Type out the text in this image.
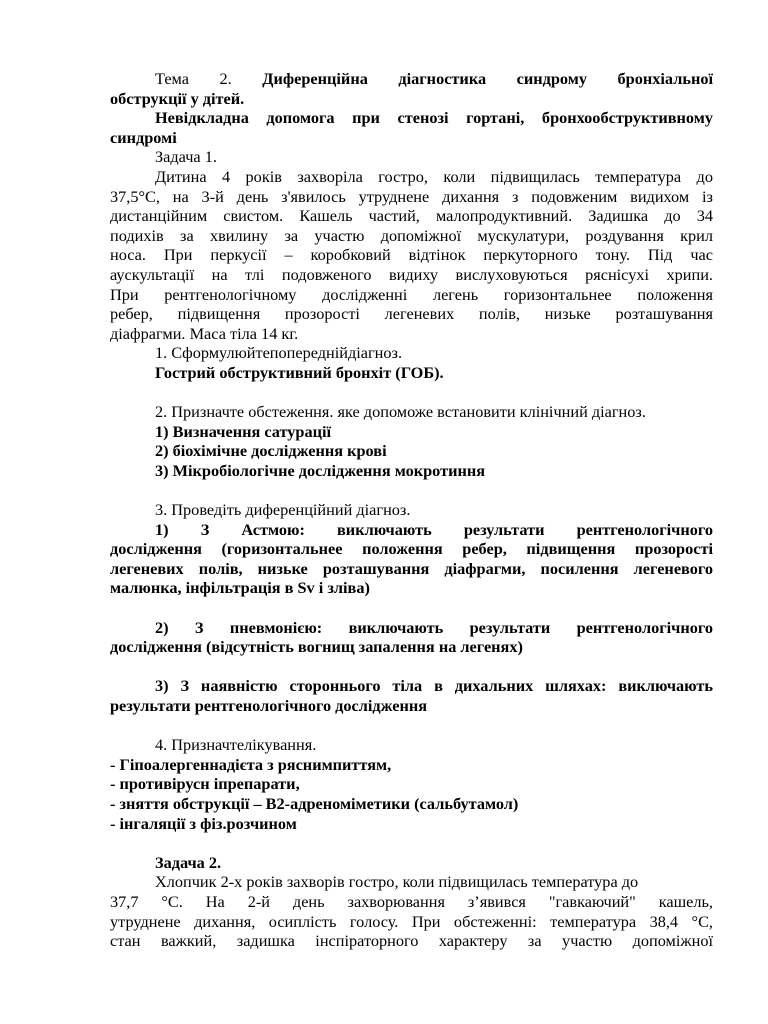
Тема 2. Диференційна діагностика синдрому бронхіальної
обструкції у дітей.
Невідкладна допомога при стенозі гортані, бронхообструктивному
синдромі
Задача 1.
Дитина 4 років захворіла гостро, коли підвищилась температура до
37,5°С, на 3-й день з'явилось утруднене дихання з подовженим видихом із
дистанційним свистом. Кашель частий, малопродуктивний. Задишка до 34
подихів за хвилину за участю допоміжної мускулатури, роздування крил
носа. При перкусії – коробковий відтінок перкуторного тону. Під час
аускультації на тлі подовженого видиху вислуховуються ряснісухі хрипи.
При рентгенологічному дослідженні легень горизонтальнее положення
ребер, підвищення прозорості легеневих полів, низьке розташування
діафрагми. Маса тіла 14 кг.
1. Сформулюйтепопереднійдіагноз.
Гострий обструктивний бронхіт (ГОБ).
2. Призначте обстеження. яке допоможе встановити клінічний діагноз.
1) Визначення сатурації
2) біохімічне дослідження крові
3) Мікробіологічне дослідження мокротиння
3. Проведіть диференційний діагноз.
1) З Астмою: виключають результати рентгенологічного
дослідження (горизонтальнее положення ребер, підвищення прозорості
легеневих полів, низьке розташування діафрагми, посилення легеневого
малюнка, інфільтрація в Sv і зліва)
2) З пневмонією: виключають результати рентгенологічного
дослідження (відсутність вогнищ запалення на легенях)
3) З наявністю стороннього тіла в дихальних шляхах: виключають
результати рентгенологічного дослідження
4. Призначтелікування.
- Гіпоалергеннадієта з ряснимпиттям,
- противірусн іпрепарати,
- зняття обструкції – В2-адреноміметики (сальбутамол)
- інгаляції з фіз.розчином
Задача 2.
Хлопчик 2-х років захворів гостро, коли підвищилась температура до
37,7 °С. На 2-й день захворювання з’явився "гавкаючий" кашель,
утруднене дихання, осиплість голосу. При обстеженні: температура 38,4 °С,
стан важкий, задишка інспіраторного характеру за участю допоміжної
